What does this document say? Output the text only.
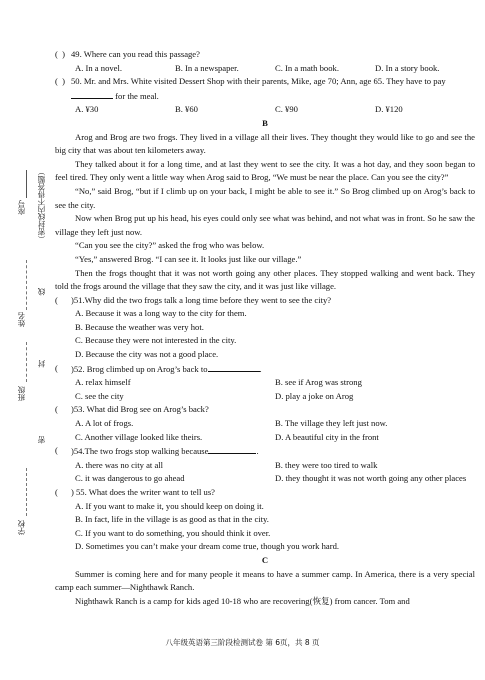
座号 （密封线内不得答题）
线
姓名
封
班级
密
学校
( ) 49. Where can you read this passage?
A. In a novel.	B. In a newspaper.	C. In a math book.	D. In a story book.
( ) 50. Mr. and Mrs. White visited Dessert Shop with their parents, Mike, age 70; Ann, age 65. They have to pay  for the meal.
A. ¥30	B. ¥60	C. ¥90	D. ¥120
B
Arog and Brog are two frogs. They lived in a village all their lives. They thought they would like to go and see the big city that was about ten kilometers away.
They talked about it for a long time, and at last they went to see the city. It was a hot day, and they soon began to feel tired. They only went a little way when Arog said to Brog, “We must be near the place. Can you see the city?”
“No,” said Brog, “but if I climb up on your back, I might be able to see it.” So Brog climbed up on Arog’s back to see the city.
Now when Brog put up his head, his eyes could only see what was behind, and not what was in front. So he saw the village they left just now.
“Can you see the city?” asked the frog who was below.
“Yes,” answered Brog. “I can see it. It looks just like our village.”
Then the frogs thought that it was not worth going any other places. They stopped walking and went back. They told the frogs around the village that they saw the city, and it was just like village.
(	)51.Why did the two frogs talk a long time before they went to see the city?
A. Because it was a long way to the city for them.
B. Because the weather was very hot.
C. Because they were not interested in the city.
D. Because the city was not a good place.
(	)52. Brog climbed up on Arog’s back to	.
A. relax himself	B. see if Arog was strong
C. see the city	D. play a joke on Arog
(	)53. What did Brog see on Arog’s back?
A. A lot of frogs.	B. The village they left just now.
C. Another village looked like theirs.	D. A beautiful city in the front
(	)54.The two frogs stop walking because	.
A. there was no city at all	B. they were too tired to walk
C. it was dangerous to go ahead	D. they thought it was not worth going any other places
(	) 55. What does the writer want to tell us?
A. If you want to make it, you should keep on doing it.
B. In fact, life in the village is as good as that in the city.
C. If you want to do something, you should think it over.
D. Sometimes you can’t make your dream come true, though you work hard.
C
Summer is coming here and for many people it means to have a summer camp. In America, there is a very special camp each summer—Nighthawk Ranch.
Nighthawk Ranch is a camp for kids aged 10-18 who are recovering(恢复) from cancer. Tom and
八年级英语第三阶段检测试卷 第 6页，共 8 页
